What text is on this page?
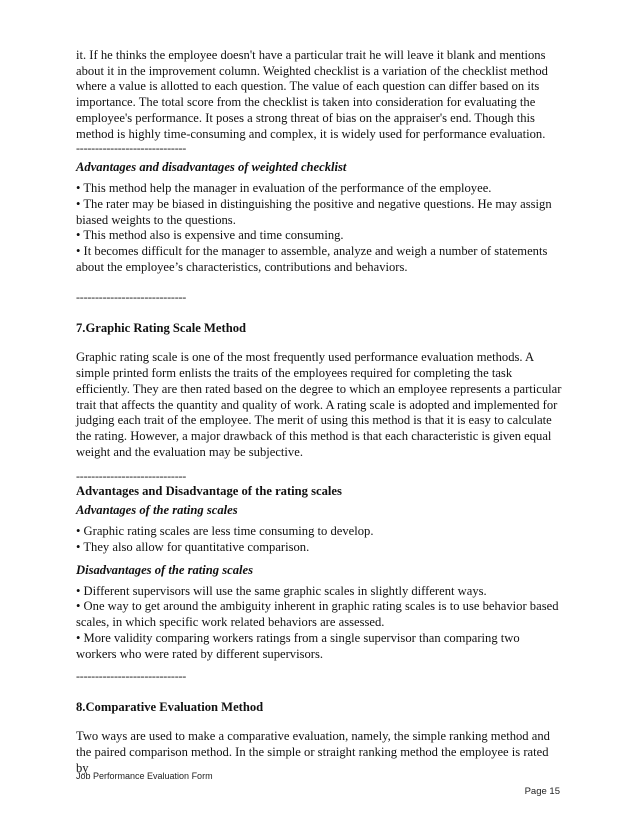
it. If he thinks the employee doesn't have a particular trait he will leave it blank and mentions about it in the improvement column. Weighted checklist is a variation of the checklist method where a value is allotted to each question. The value of each question can differ based on its importance. The total score from the checklist is taken into consideration for evaluating the employee's performance. It poses a strong threat of bias on the appraiser's end. Though this method is highly time-consuming and complex, it is widely used for performance evaluation.

-----------------------------

Advantages and disadvantages of weighted checklist

• This method help the manager in evaluation of the performance of the employee.

• The rater may be biased in distinguishing the positive and negative questions. He may assign biased weights to the questions.

• This method also is expensive and time consuming.

• It becomes difficult for the manager to assemble, analyze and weigh a number of statements about the employee’s characteristics, contributions and behaviors.

-----------------------------

7.Graphic Rating Scale Method

Graphic rating scale is one of the most frequently used performance evaluation methods. A simple printed form enlists the traits of the employees required for completing the task efficiently. They are then rated based on the degree to which an employee represents a particular trait that affects the quantity and quality of work. A rating scale is adopted and implemented for judging each trait of the employee. The merit of using this method is that it is easy to calculate the rating. However, a major drawback of this method is that each characteristic is given equal weight and the evaluation may be subjective.

-----------------------------

Advantages and Disadvantage of the rating scales

Advantages of the rating scales

• Graphic rating scales are less time consuming to develop.

• They also allow for quantitative comparison.

Disadvantages of the rating scales

• Different supervisors will use the same graphic scales in slightly different ways.

• One way to get around the ambiguity inherent in graphic rating scales is to use behavior based scales, in which specific work related behaviors are assessed.

• More validity comparing workers ratings from a single supervisor than comparing two workers who were rated by different supervisors.

-----------------------------

8.Comparative Evaluation Method

Two ways are used to make a comparative evaluation, namely, the simple ranking method and the paired comparison method. In the simple or straight ranking method the employee is rated by

Job Performance Evaluation Form
Page 15
